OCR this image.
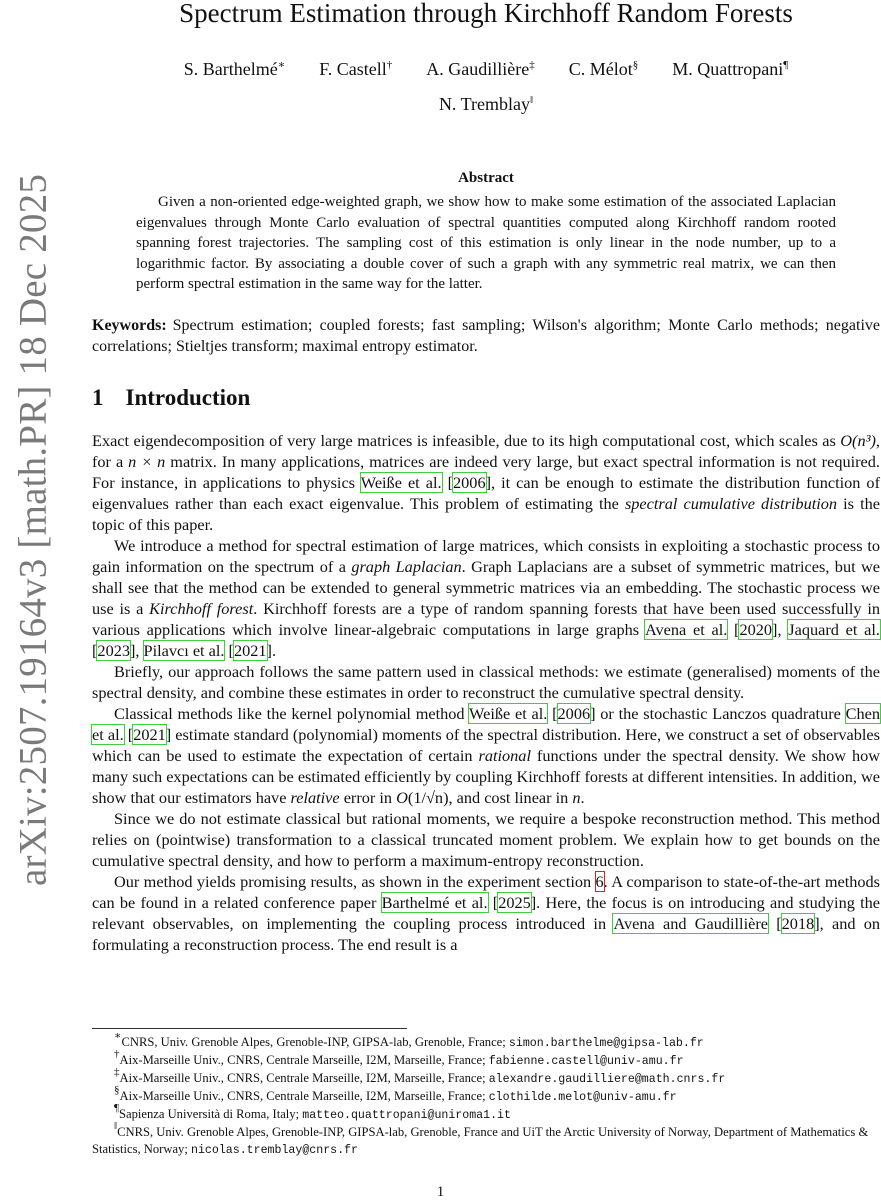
arXiv:2507.19164v3 [math.PR] 18 Dec 2025
Spectrum Estimation through Kirchhoff Random Forests
S. Barthelmé∗ F. Castell† A. Gaudillière‡ C. Mélot§ M. Quattropani¶
N. Tremblay‖
Abstract
Given a non-oriented edge-weighted graph, we show how to make some estimation of the associated Laplacian eigenvalues through Monte Carlo evaluation of spectral quantities computed along Kirchhoff random rooted spanning forest trajectories. The sampling cost of this estimation is only linear in the node number, up to a logarithmic factor. By associating a double cover of such a graph with any symmetric real matrix, we can then perform spectral estimation in the same way for the latter.
Keywords: Spectrum estimation; coupled forests; fast sampling; Wilson's algorithm; Monte Carlo methods; negative correlations; Stieltjes transform; maximal entropy estimator.
1 Introduction

Exact eigendecomposition of very large matrices is infeasible, due to its high computational cost, which scales as O(n³), for a n × n matrix. In many applications, matrices are indeed very large, but exact spectral information is not required. For instance, in applications to physics Weiße et al. [2006], it can be enough to estimate the distribution function of eigenvalues rather than each exact eigenvalue. This problem of estimating the spectral cumulative distribution is the topic of this paper.

We introduce a method for spectral estimation of large matrices, which consists in exploiting a stochastic process to gain information on the spectrum of a graph Laplacian. Graph Laplacians are a subset of symmetric matrices, but we shall see that the method can be extended to general symmetric matrices via an embedding. The stochastic process we use is a Kirchhoff forest. Kirchhoff forests are a type of random spanning forests that have been used successfully in various applications which involve linear-algebraic computations in large graphs Avena et al. [2020], Jaquard et al. [2023], Pilavcı et al. [2021].

Briefly, our approach follows the same pattern used in classical methods: we estimate (generalised) moments of the spectral density, and combine these estimates in order to reconstruct the cumulative spectral density.

Classical methods like the kernel polynomial method Weiße et al. [2006] or the stochastic Lanczos quadrature Chen et al. [2021] estimate standard (polynomial) moments of the spectral distribution. Here, we construct a set of observables which can be used to estimate the expectation of certain rational functions under the spectral density. We show how many such expectations can be estimated efficiently by coupling Kirchhoff forests at different intensities. In addition, we show that our estimators have relative error in O(1/√n), and cost linear in n.

Since we do not estimate classical but rational moments, we require a bespoke reconstruction method. This method relies on (pointwise) transformation to a classical truncated moment problem. We explain how to get bounds on the cumulative spectral density, and how to perform a maximum-entropy reconstruction.

Our method yields promising results, as shown in the experiment section 6. A comparison to state-of-the-art methods can be found in a related conference paper Barthelmé et al. [2025]. Here, the focus is on introducing and studying the relevant observables, on implementing the coupling process introduced in Avena and Gaudillière [2018], and on formulating a reconstruction process. The end result is a

∗CNRS, Univ. Grenoble Alpes, Grenoble-INP, GIPSA-lab, Grenoble, France; simon.barthelme@gipsa-lab.fr
†Aix-Marseille Univ., CNRS, Centrale Marseille, I2M, Marseille, France; fabienne.castell@univ-amu.fr
‡Aix-Marseille Univ., CNRS, Centrale Marseille, I2M, Marseille, France; alexandre.gaudilliere@math.cnrs.fr
§Aix-Marseille Univ., CNRS, Centrale Marseille, I2M, Marseille, France; clothilde.melot@univ-amu.fr
¶Sapienza Università di Roma, Italy; matteo.quattropani@uniroma1.it
‖CNRS, Univ. Grenoble Alpes, Grenoble-INP, GIPSA-lab, Grenoble, France and UiT the Arctic University of Norway, Department of Mathematics & Statistics, Norway; nicolas.tremblay@cnrs.fr
1
